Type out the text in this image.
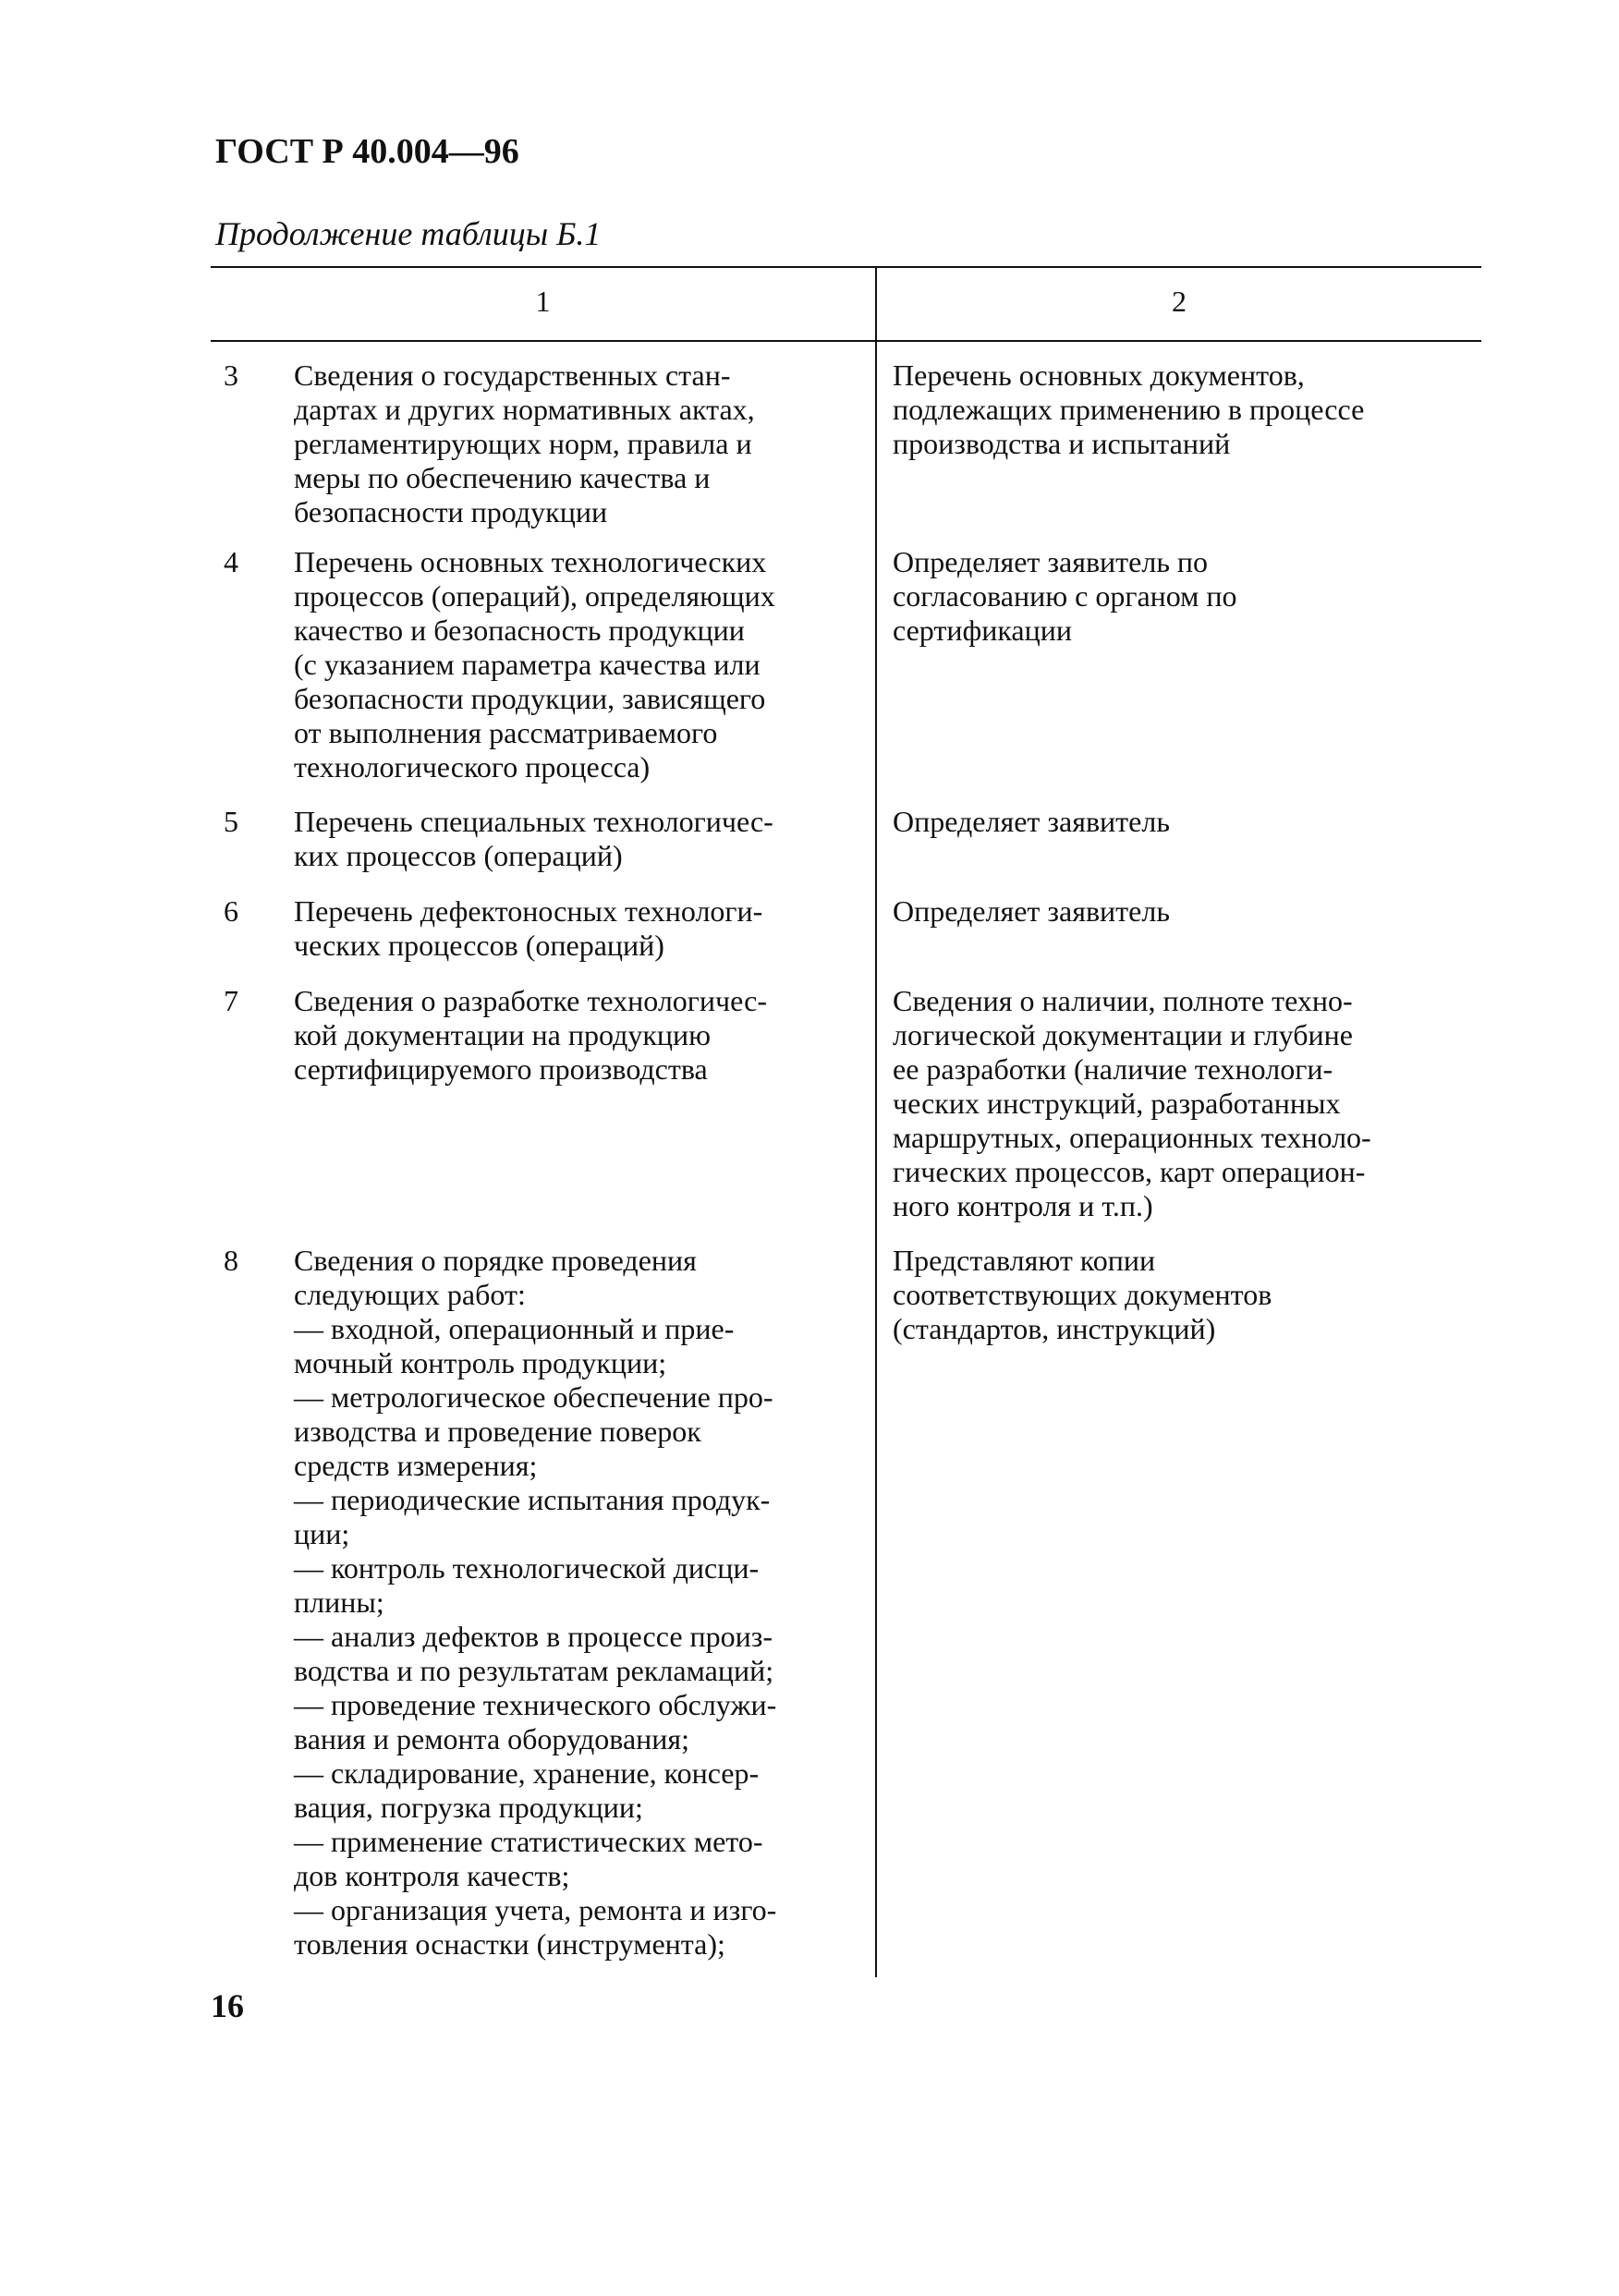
ГОСТ Р 40.004—96
Продолжение таблицы Б.1
1	2
3 Сведения о государственных стан-
дартах и других нормативных актах,
регламентирующих норм, правила и
меры по обеспечению качества и
безопасности продукции
Перечень основных документов,
подлежащих применению в процессе
производства и испытаний
4 Перечень основных технологических
процессов (операций), определяющих
качество и безопасность продукции
(с указанием параметра качества или
безопасности продукции, зависящего
от выполнения рассматриваемого
технологического процесса)
Определяет заявитель по
согласованию с органом по
сертификации
5 Перечень специальных технологичес-
ких процессов (операций)
Определяет заявитель
6 Перечень дефектоносных технологи-
ческих процессов (операций)
Определяет заявитель
7 Сведения о разработке технологичес-
кой документации на продукцию
сертифицируемого производства
Сведения о наличии, полноте техно-
логической документации и глубине
ее разработки (наличие технологи-
ческих инструкций, разработанных
маршрутных, операционных техноло-
гических процессов, карт операцион-
ного контроля и т.п.)
8 Сведения о порядке проведения
следующих работ:
— входной, операционный и прие-
мочный контроль продукции;
— метрологическое обеспечение про-
изводства и проведение поверок
средств измерения;
— периодические испытания продук-
ции;
— контроль технологической дисци-
плины;
— анализ дефектов в процессе произ-
водства и по результатам рекламаций;
— проведение технического обслужи-
вания и ремонта оборудования;
— складирование, хранение, консер-
вация, погрузка продукции;
— применение статистических мето-
дов контроля качеств;
— организация учета, ремонта и изго-
товления оснастки (инструмента);
Представляют копии
соответствующих документов
(стандартов, инструкций)
16
